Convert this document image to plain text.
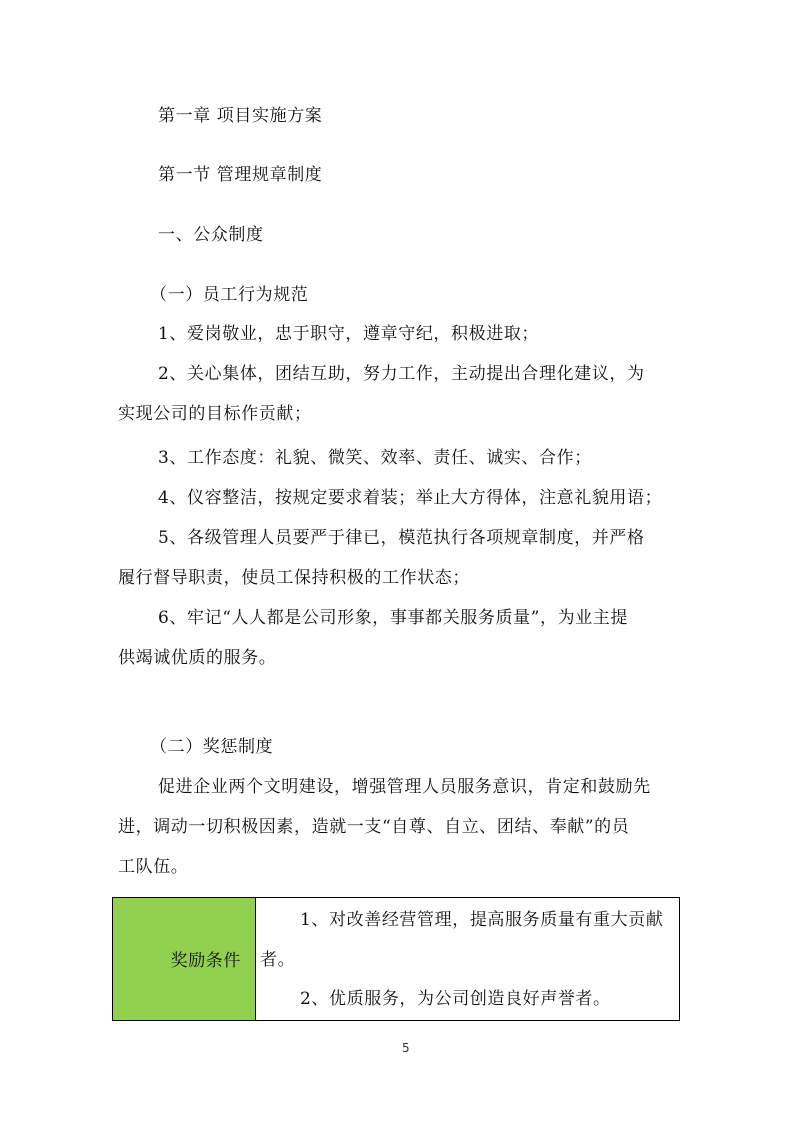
第一章 项目实施方案
第一节 管理规章制度
一、公众制度
（一）员工行为规范
1、爱岗敬业，忠于职守，遵章守纪，积极进取；
2、关心集体，团结互助，努力工作，主动提出合理化建议，为
实现公司的目标作贡献；
3、工作态度：礼貌、微笑、效率、责任、诚实、合作；
4、仪容整洁，按规定要求着装；举止大方得体，注意礼貌用语；
5、各级管理人员要严于律已，模范执行各项规章制度，并严格
履行督导职责，使员工保持积极的工作状态；
6、牢记“人人都是公司形象，事事都关服务质量”，为业主提
供竭诚优质的服务。
（二）奖惩制度
促进企业两个文明建设，增强管理人员服务意识，肯定和鼓励先
进，调动一切积极因素，造就一支“自尊、自立、团结、奉献”的员
工队伍。
奖励条件
1、对改善经营管理，提高服务质量有重大贡献
者。
2、优质服务，为公司创造良好声誉者。
5
